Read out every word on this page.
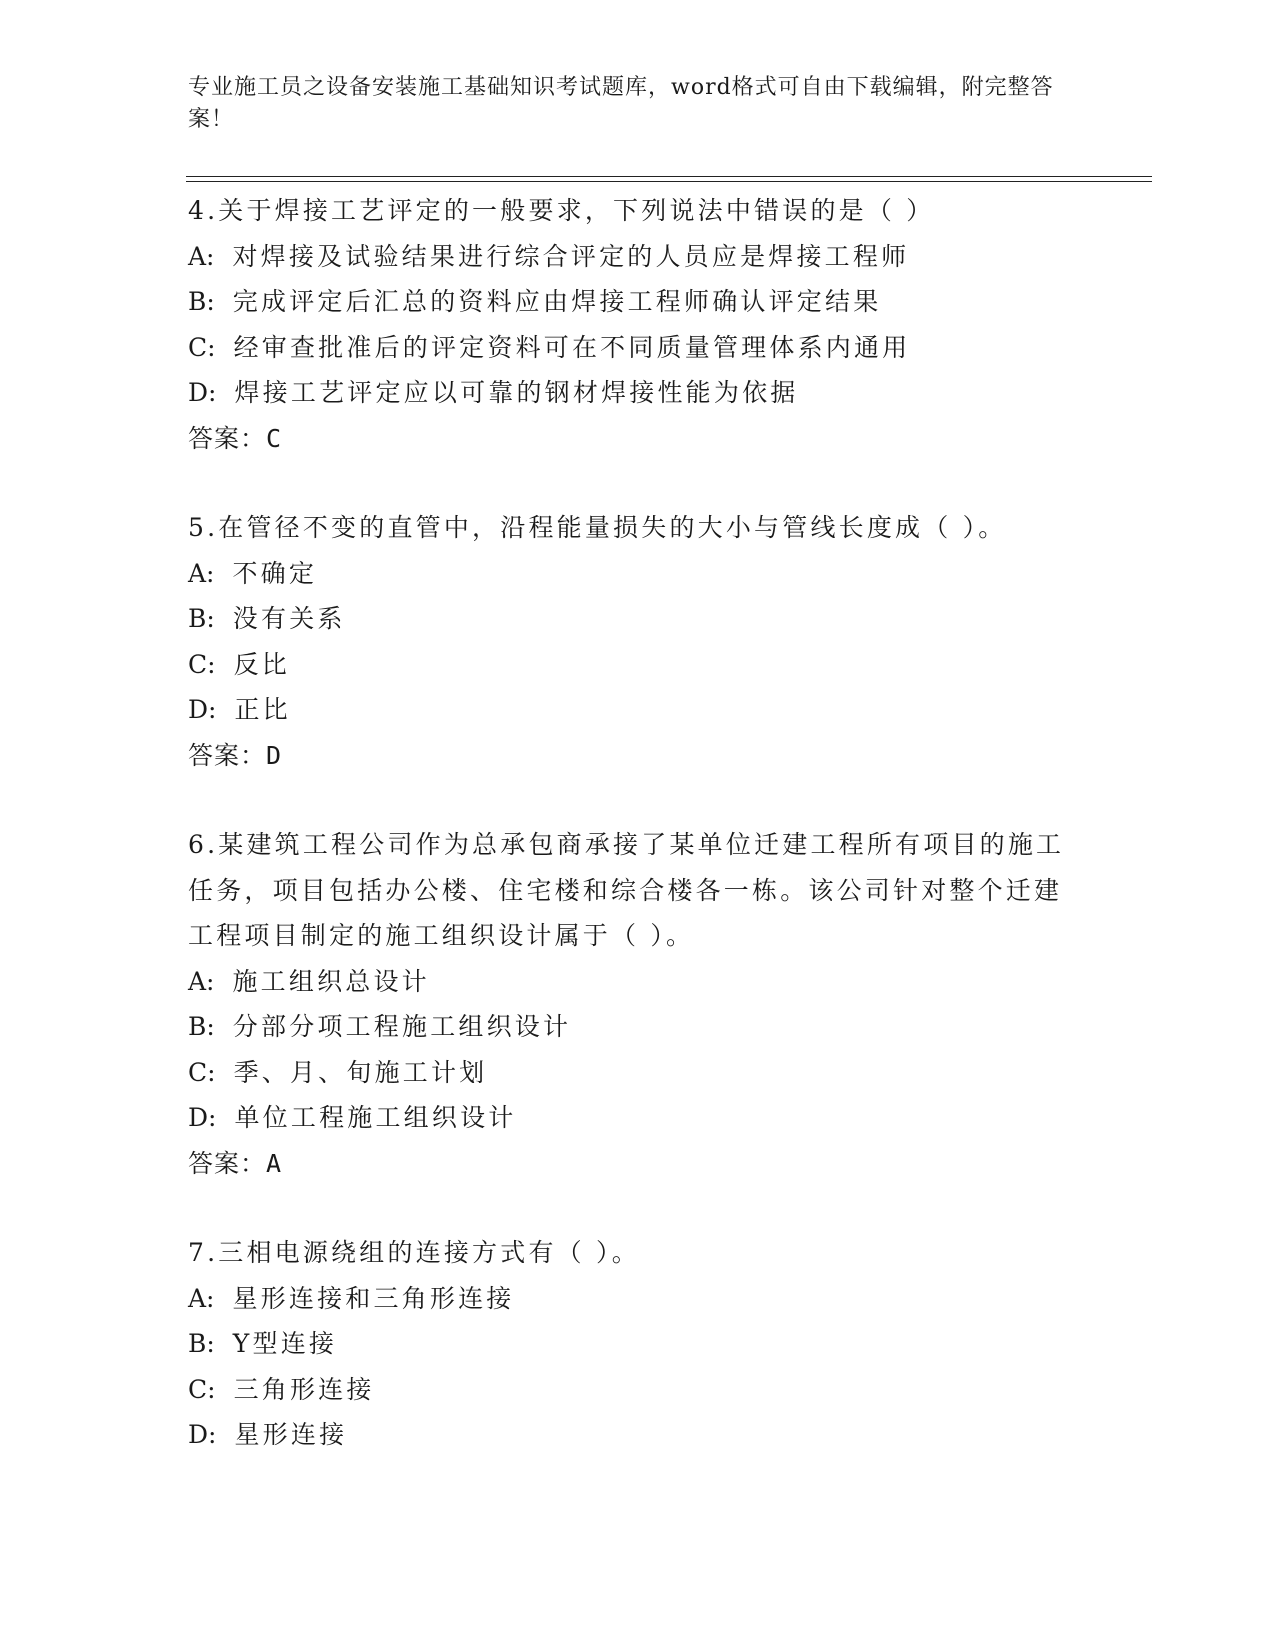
专业施工员之设备安装施工基础知识考试题库，word格式可自由下载编辑，附完整答案！
4.关于焊接工艺评定的一般要求，下列说法中错误的是（ ）
A: 对焊接及试验结果进行综合评定的人员应是焊接工程师
B: 完成评定后汇总的资料应由焊接工程师确认评定结果
C: 经审查批准后的评定资料可在不同质量管理体系内通用
D: 焊接工艺评定应以可靠的钢材焊接性能为依据
答案：C
5.在管径不变的直管中，沿程能量损失的大小与管线长度成（ ）。
A: 不确定
B: 没有关系
C: 反比
D: 正比
答案：D
6.某建筑工程公司作为总承包商承接了某单位迁建工程所有项目的施工任务，项目包括办公楼、住宅楼和综合楼各一栋。该公司针对整个迁建工程项目制定的施工组织设计属于（ ）。
A: 施工组织总设计
B: 分部分项工程施工组织设计
C: 季、月、旬施工计划
D: 单位工程施工组织设计
答案：A
7.三相电源绕组的连接方式有（ ）。
A: 星形连接和三角形连接
B: Y型连接
C: 三角形连接
D: 星形连接
